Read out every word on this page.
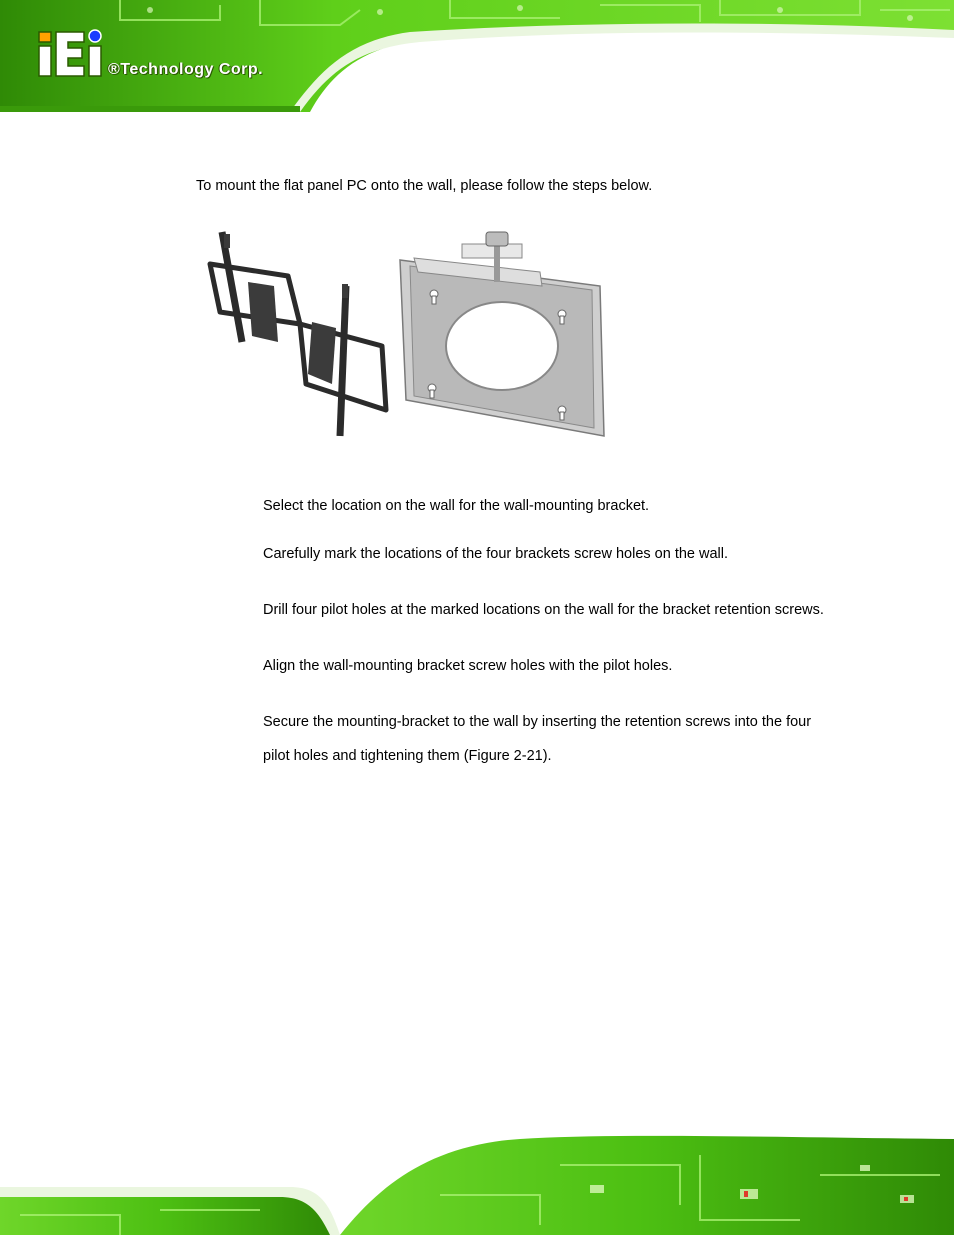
®Technology Corp.
To mount the flat panel PC onto the wall, please follow the steps below.
Select the location on the wall for the wall-mounting bracket.
Carefully mark the locations of the four brackets screw holes on the wall.
Drill four pilot holes at the marked locations on the wall for the bracket retention screws.
Align the wall-mounting bracket screw holes with the pilot holes.
Secure the mounting-bracket to the wall by inserting the retention screws into the four pilot holes and tightening them (Figure 2-21).
